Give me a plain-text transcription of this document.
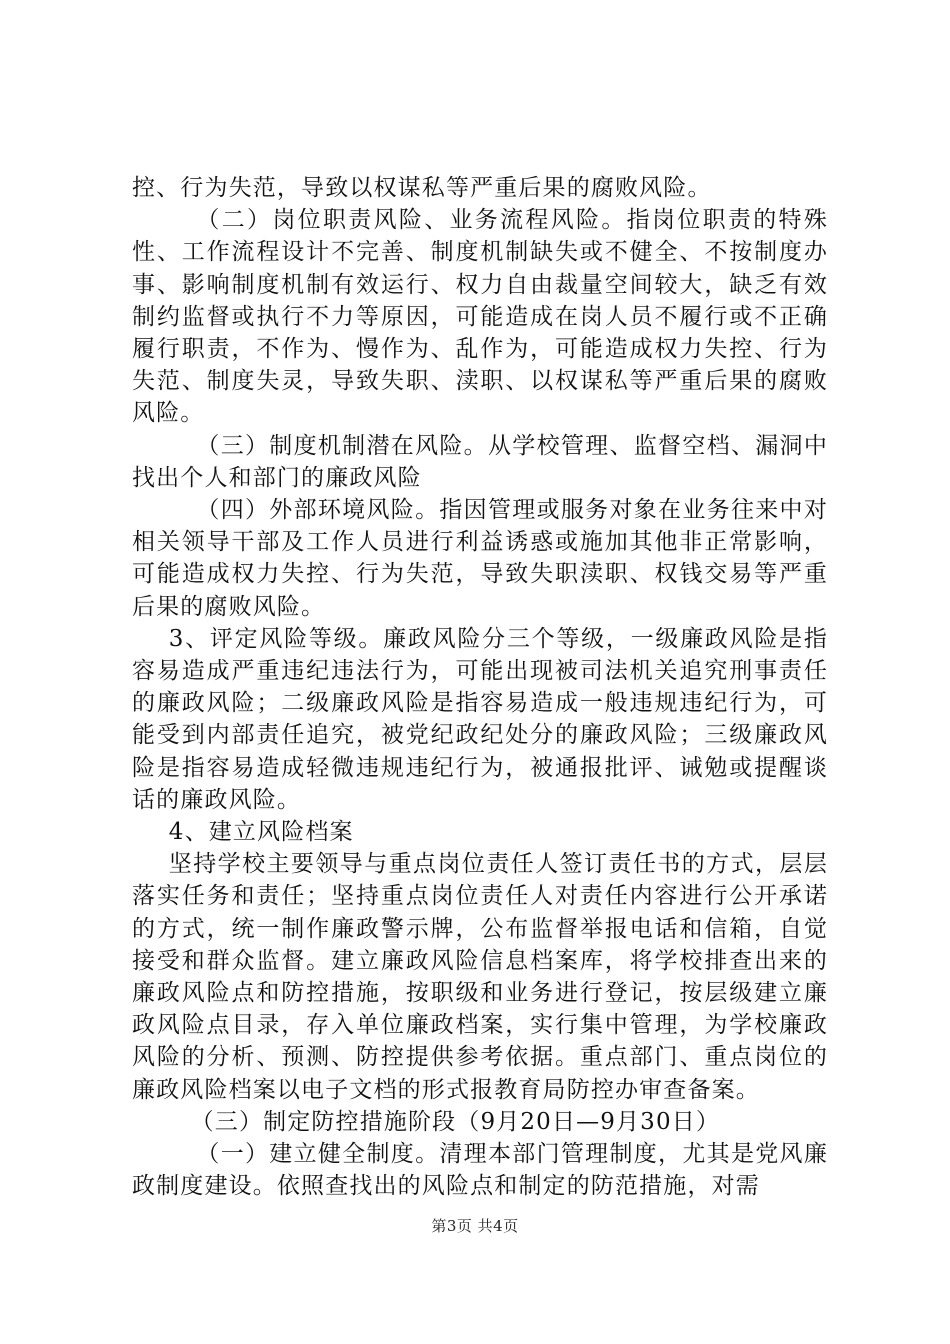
控、行为失范，导致以权谋私等严重后果的腐败风险。

（二）岗位职责风险、业务流程风险。指岗位职责的特殊性、工作流程设计不完善、制度机制缺失或不健全、不按制度办事、影响制度机制有效运行、权力自由裁量空间较大，缺乏有效制约监督或执行不力等原因，可能造成在岗人员不履行或不正确履行职责，不作为、慢作为、乱作为，可能造成权力失控、行为失范、制度失灵，导致失职、渎职、以权谋私等严重后果的腐败风险。

（三）制度机制潜在风险。从学校管理、监督空档、漏洞中找出个人和部门的廉政风险

（四）外部环境风险。指因管理或服务对象在业务往来中对相关领导干部及工作人员进行利益诱惑或施加其他非正常影响，可能造成权力失控、行为失范，导致失职渎职、权钱交易等严重后果的腐败风险。

3、评定风险等级。廉政风险分三个等级，一级廉政风险是指容易造成严重违纪违法行为，可能出现被司法机关追究刑事责任的廉政风险；二级廉政风险是指容易造成一般违规违纪行为，可能受到内部责任追究，被党纪政纪处分的廉政风险；三级廉政风险是指容易造成轻微违规违纪行为，被通报批评、诫勉或提醒谈话的廉政风险。

4、建立风险档案

坚持学校主要领导与重点岗位责任人签订责任书的方式，层层落实任务和责任；坚持重点岗位责任人对责任内容进行公开承诺的方式，统一制作廉政警示牌，公布监督举报电话和信箱，自觉接受和群众监督。建立廉政风险信息档案库，将学校排查出来的廉政风险点和防控措施，按职级和业务进行登记，按层级建立廉政风险点目录，存入单位廉政档案，实行集中管理，为学校廉政风险的分析、预测、防控提供参考依据。重点部门、重点岗位的廉政风险档案以电子文档的形式报教育局防控办审查备案。

（三）制定防控措施阶段（9月20日—9月30日）

（一）建立健全制度。清理本部门管理制度，尤其是党风廉政制度建设。依照查找出的风险点和制定的防范措施，对需

第3页 共4页
